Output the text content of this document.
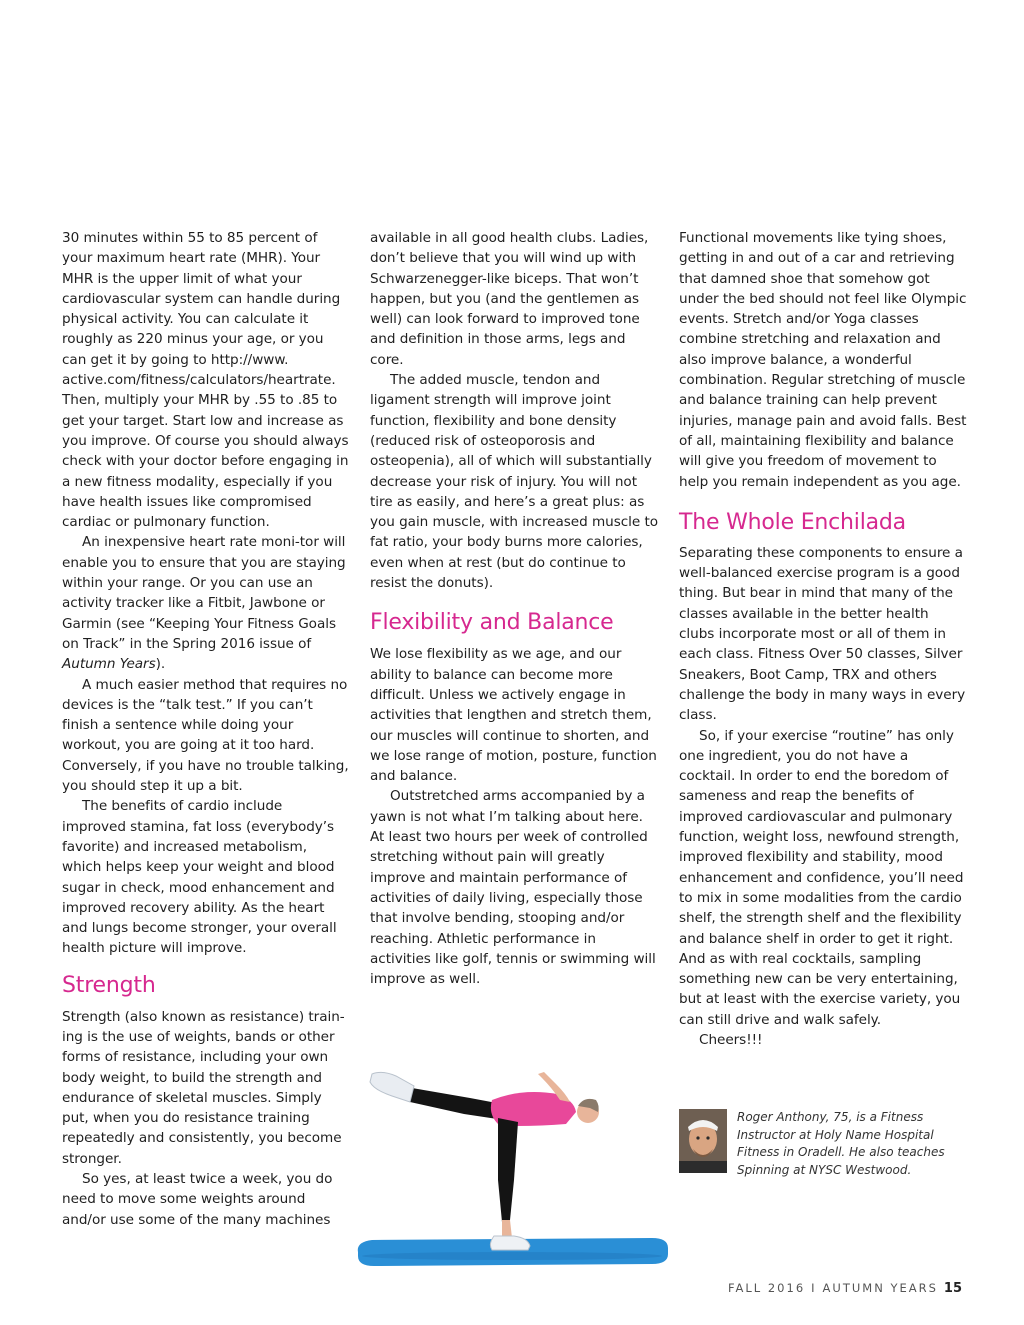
30 minutes within 55 to 85 percent of your maximum heart rate (MHR). Your MHR is the upper limit of what your cardiovascular system can handle during physical activity. You can calculate it roughly as 220 minus your age, or you can get it by going to http://www. active.com/fitness/calculators/heartrate. Then, multiply your MHR by .55 to .85 to get your target. Start low and increase as you improve. Of course you should always check with your doctor before engaging in a new fitness modality, especially if you have health issues like compromised cardiac or pulmonary function.

An inexpensive heart rate moni-tor will enable you to ensure that you are staying within your range. Or you can use an activity tracker like a Fitbit, Jawbone or Garmin (see “Keeping Your Fitness Goals on Track” in the Spring 2016 issue of Autumn Years).

A much easier method that requires no devices is the “talk test.” If you can’t finish a sentence while doing your workout, you are going at it too hard. Conversely, if you have no trouble talking, you should step it up a bit.

The benefits of cardio include improved stamina, fat loss (everybody’s favorite) and increased metabolism, which helps keep your weight and blood sugar in check, mood enhancement and improved recovery ability. As the heart and lungs become stronger, your overall health picture will improve.

Strength

Strength (also known as resistance) train-ing is the use of weights, bands or other forms of resistance, including your own body weight, to build the strength and endurance of skeletal muscles. Simply put, when you do resistance training repeatedly and consistently, you become stronger.

So yes, at least twice a week, you do need to move some weights around and/or use some of the many machines

available in all good health clubs. Ladies, don’t believe that you will wind up with Schwarzenegger-like biceps. That won’t happen, but you (and the gentlemen as well) can look forward to improved tone and definition in those arms, legs and core.

The added muscle, tendon and ligament strength will improve joint function, flexibility and bone density (reduced risk of osteoporosis and osteopenia), all of which will substantially decrease your risk of injury. You will not tire as easily, and here’s a great plus: as you gain muscle, with increased muscle to fat ratio, your body burns more calories, even when at rest (but do continue to resist the donuts).

Flexibility and Balance

We lose flexibility as we age, and our ability to balance can become more difficult. Unless we actively engage in activities that lengthen and stretch them, our muscles will continue to shorten, and we lose range of motion, posture, function and balance.

Outstretched arms accompanied by a yawn is not what I’m talking about here. At least two hours per week of controlled stretching without pain will greatly improve and maintain performance of activities of daily living, especially those that involve bending, stooping and/or reaching. Athletic performance in activities like golf, tennis or swimming will improve as well.

Functional movements like tying shoes, getting in and out of a car and retrieving that damned shoe that somehow got under the bed should not feel like Olympic events. Stretch and/or Yoga classes combine stretching and relaxation and also improve balance, a wonderful combination. Regular stretching of muscle and balance training can help prevent injuries, manage pain and avoid falls. Best of all, maintaining flexibility and balance will give you freedom of movement to help you remain independent as you age.

The Whole Enchilada

Separating these components to ensure a well-balanced exercise program is a good thing. But bear in mind that many of the classes available in the better health clubs incorporate most or all of them in each class. Fitness Over 50 classes, Silver Sneakers, Boot Camp, TRX and others challenge the body in many ways in every class.

So, if your exercise “routine” has only one ingredient, you do not have a cocktail. In order to end the boredom of sameness and reap the benefits of improved cardiovascular and pulmonary function, weight loss, newfound strength, improved flexibility and stability, mood enhancement and confidence, you’ll need to mix in some modalities from the cardio shelf, the strength shelf and the flexibility and balance shelf in order to get it right. And as with real cocktails, sampling something new can be very entertaining, but at least with the exercise variety, you can still drive and walk safely.

Cheers!!!

Roger Anthony, 75, is a Fitness Instructor at Holy Name Hospital Fitness in Oradell. He also teaches Spinning at NYSC Westwood.
FALL 2016 I AUTUMN YEARS 15
